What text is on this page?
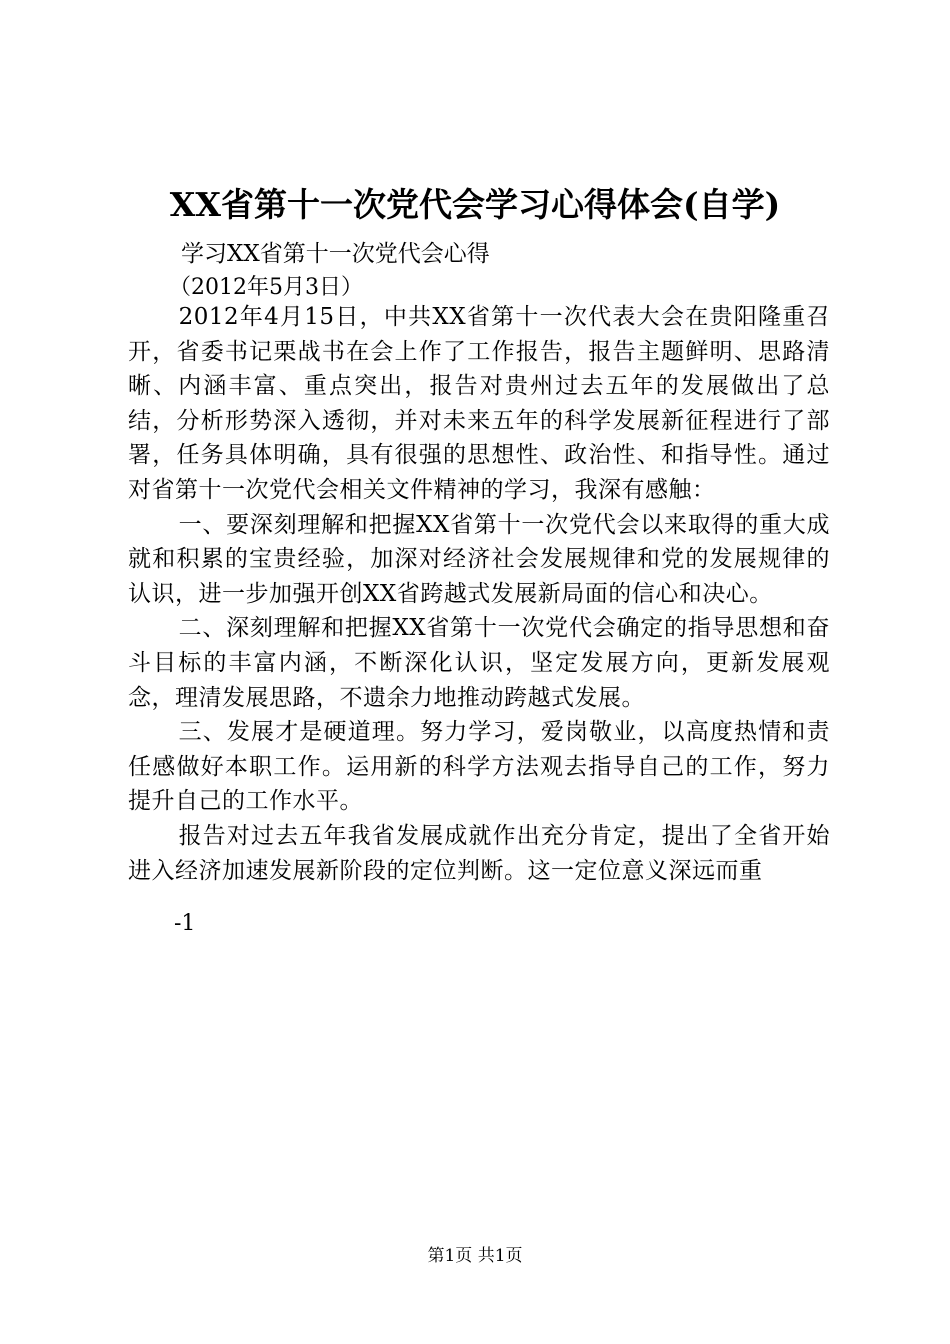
XX省第十一次党代会学习心得体会(自学)
学习XX省第十一次党代会心得
（2012年5月3日）

2012年4月15日，中共XX省第十一次代表大会在贵阳隆重召开，省委书记栗战书在会上作了工作报告，报告主题鲜明、思路清晰、内涵丰富、重点突出，报告对贵州过去五年的发展做出了总结，分析形势深入透彻，并对未来五年的科学发展新征程进行了部署，任务具体明确，具有很强的思想性、政治性、和指导性。通过对省第十一次党代会相关文件精神的学习，我深有感触：

一、要深刻理解和把握XX省第十一次党代会以来取得的重大成就和积累的宝贵经验，加深对经济社会发展规律和党的发展规律的认识，进一步加强开创XX省跨越式发展新局面的信心和决心。

二、深刻理解和把握XX省第十一次党代会确定的指导思想和奋斗目标的丰富内涵，不断深化认识，坚定发展方向，更新发展观念，理清发展思路，不遗余力地推动跨越式发展。

三、发展才是硬道理。努力学习，爱岗敬业，以高度热情和责任感做好本职工作。运用新的科学方法观去指导自己的工作，努力提升自己的工作水平。

报告对过去五年我省发展成就作出充分肯定，提出了全省开始进入经济加速发展新阶段的定位判断。这一定位意义深远而重

-1
第1页 共1页
